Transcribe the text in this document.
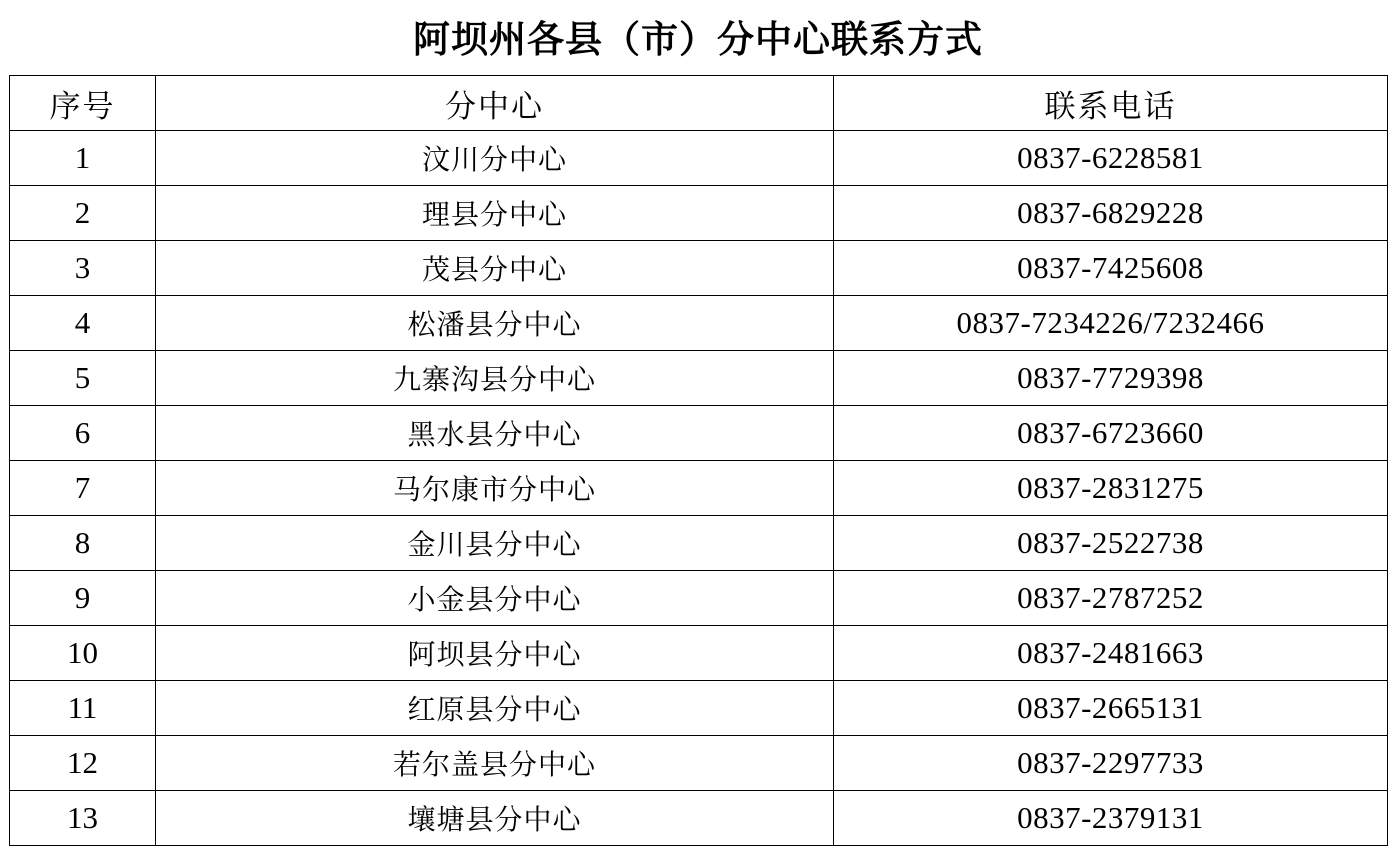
阿坝州各县（市）分中心联系方式
序号	分中心	联系电话
1	汶川分中心	0837-6228581
2	理县分中心	0837-6829228
3	茂县分中心	0837-7425608
4	松潘县分中心	0837-7234226/7232466
5	九寨沟县分中心	0837-7729398
6	黑水县分中心	0837-6723660
7	马尔康市分中心	0837-2831275
8	金川县分中心	0837-2522738
9	小金县分中心	0837-2787252
10	阿坝县分中心	0837-2481663
11	红原县分中心	0837-2665131
12	若尔盖县分中心	0837-2297733
13	壤塘县分中心	0837-2379131
